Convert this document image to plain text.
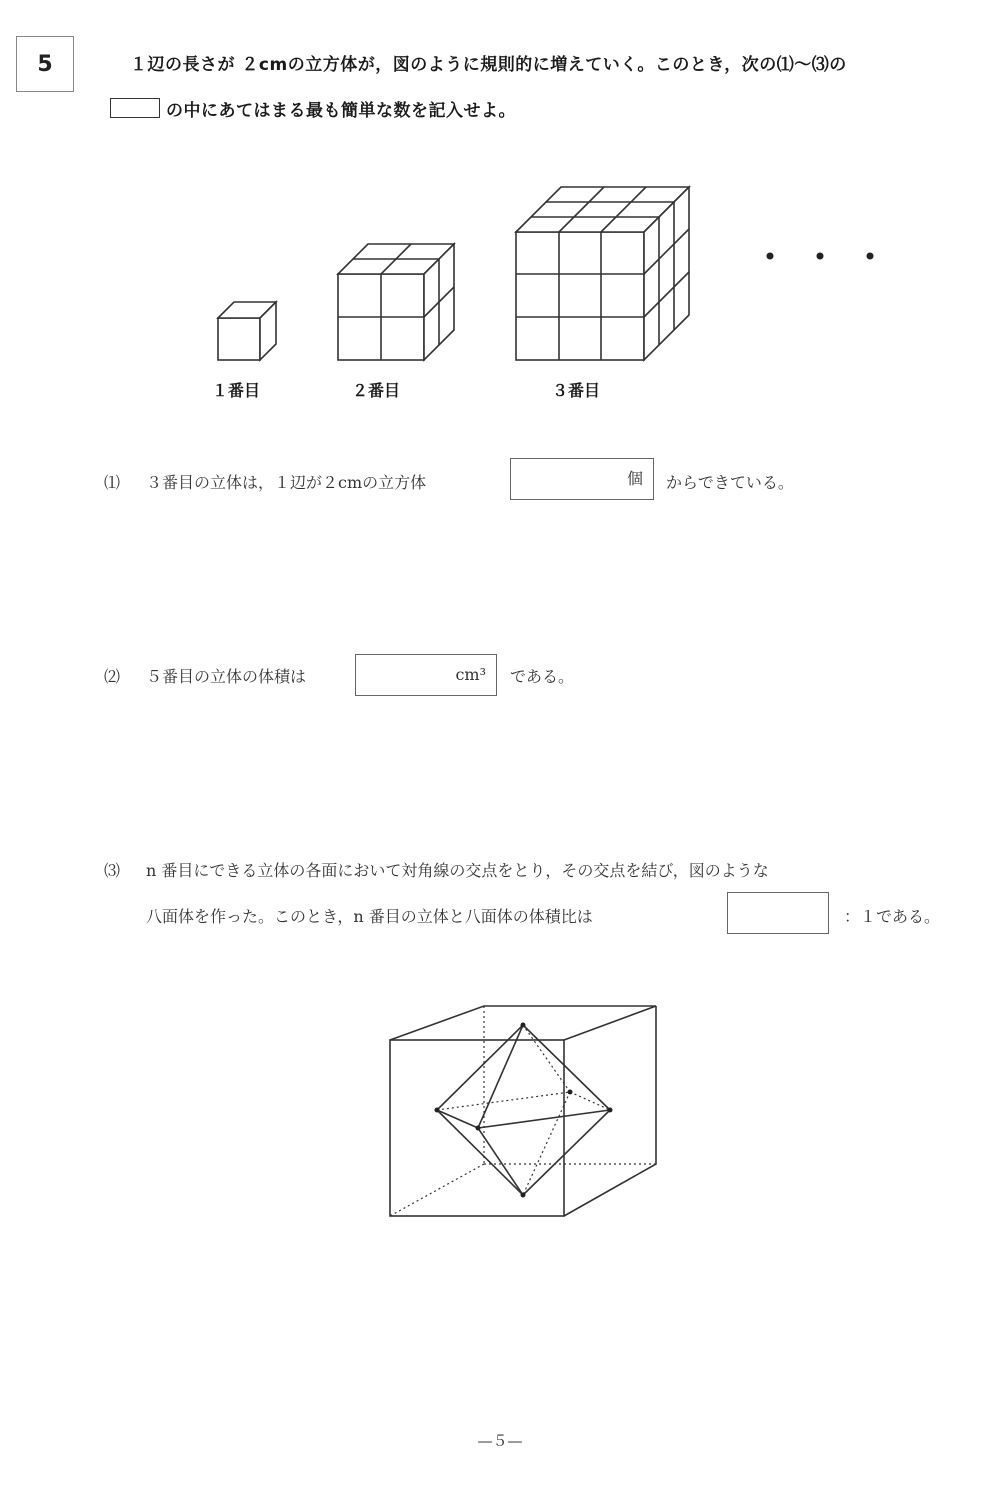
5	１辺の長さが ２cmの立方体が，図のように規則的に増えていく。このとき，次の⑴～⑶の
の中にあてはまる最も簡単な数を記入せよ。
１番目	２番目	３番目
⑴ ３番目の立体は，１辺が２cmの立方体	個	からできている。
⑵ ５番目の立体の体積は	cm³	である。
⑶ n 番目にできる立体の各面において対角線の交点をとり，その交点を結び，図のような
八面体を作った。このとき，n 番目の立体と八面体の体積比は	：１である。
—５—
